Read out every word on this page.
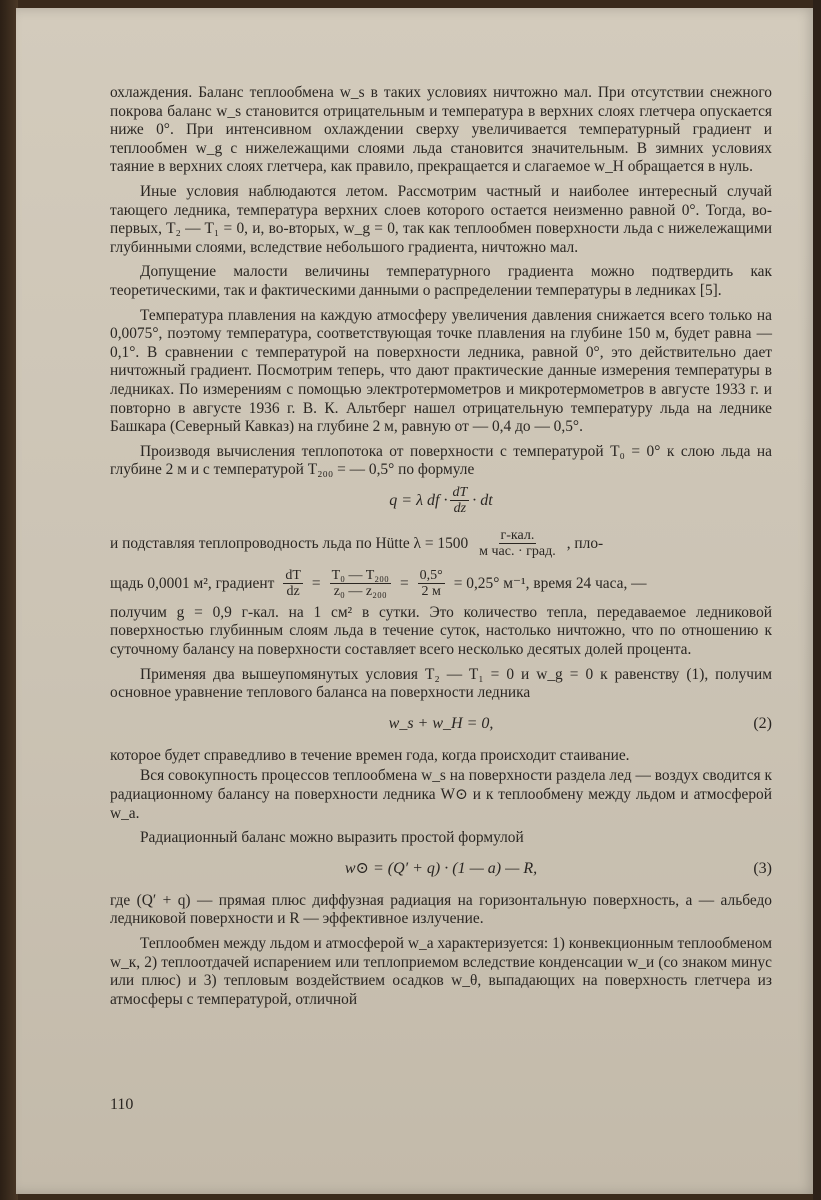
охлаждения. Баланс теплообмена w_s в таких условиях ничтожно мал. При отсутствии снежного покрова баланс w_s становится отрицательным и температура в верхних слоях глетчера опускается ниже 0°. При интенсивном охлаждении сверху увеличивается температурный градиент и теплообмен w_g с нижележащими слоями льда становится значительным. В зимних условиях таяние в верхних слоях глетчера, как правило, прекращается и слагаемое w_H обращается в нуль.

Иные условия наблюдаются летом. Рассмотрим частный и наиболее интересный случай тающего ледника, температура верхних слоев которого остается неизменно равной 0°. Тогда, во-первых, T₂ — T₁ = 0, и, во-вторых, w_g = 0, так как теплообмен поверхности льда с нижележащими глубинными слоями, вследствие небольшого градиента, ничтожно мал.

Допущение малости величины температурного градиента можно подтвердить как теоретическими, так и фактическими данными о распределении температуры в ледниках [5].

Температура плавления на каждую атмосферу увеличения давления снижается всего только на 0,0075°, поэтому температура, соответствующая точке плавления на глубине 150 м, будет равна — 0,1°. В сравнении с температурой на поверхности ледника, равной 0°, это действительно дает ничтожный градиент. Посмотрим теперь, что дают практические данные измерения температуры в ледниках. По измерениям с помощью электротермометров и микротермометров в августе 1933 г. и повторно в августе 1936 г. В. К. Альтберг нашел отрицательную температуру льда на леднике Башкара (Северный Кавказ) на глубине 2 м, равную от — 0,4 до — 0,5°.

Производя вычисления теплопотока от поверхности с температурой T₀ = 0° к слою льда на глубине 2 м и с температурой T₂₀₀ = — 0,5° по формуле

q = λ df · $\frac{dT}{dz}$ · dt
и подставляя теплопроводность льда по Hütte $\lambda = 1500 \frac{\text{г-кал.}}{\text{м час. · град.}}$ , пло-
щадь 0,0001 м², градиент $\frac{dT}{dz} = \frac{\text{T₀ — T₂₀₀}}{\text{z₀ — z₂₀₀}} = \frac{0,5^\circ}{2 м} = 0,25^\circ$ м⁻¹, время 24 часа, —

получим g = 0,9 г-кал. на 1 см² в сутки. Это количество тепла, передаваемое ледниковой поверхностью глубинным слоям льда в течение суток, настолько ничтожно, что по отношению к суточному балансу на поверхности составляет всего несколько десятых долей процента.

Применяя два вышеупомянутых условия T₂ — T₁ = 0 и w_g = 0 к равенству (1), получим основное уравнение теплового баланса на поверхности ледника

w_s + w_H = 0,	(2)

которое будет справедливо в течение времен года, когда происходит стаивание.

Вся совокупность процессов теплообмена w_s на поверхности раздела лед — воздух сводится к радиационному балансу на поверхности ледника W⊙ и к теплообмену между льдом и атмосферой w_a.

Радиационный баланс можно выразить простой формулой

w⊙ = (Q′ + q) · (1 — a) — R,	(3)

где (Q′ + q) — прямая плюс диффузная радиация на горизонтальную поверхность, a — альбедо ледниковой поверхности и R — эффективное излучение.

Теплообмен между льдом и атмосферой w_a характеризуется: 1) конвекционным теплообменом w_к, 2) теплоотдачей испарением или теплоприемом вследствие конденсации w_и (со знаком минус или плюс) и 3) тепловым воздействием осадков w_θ, выпадающих на поверхность глетчера из атмосферы с температурой, отличной

110
